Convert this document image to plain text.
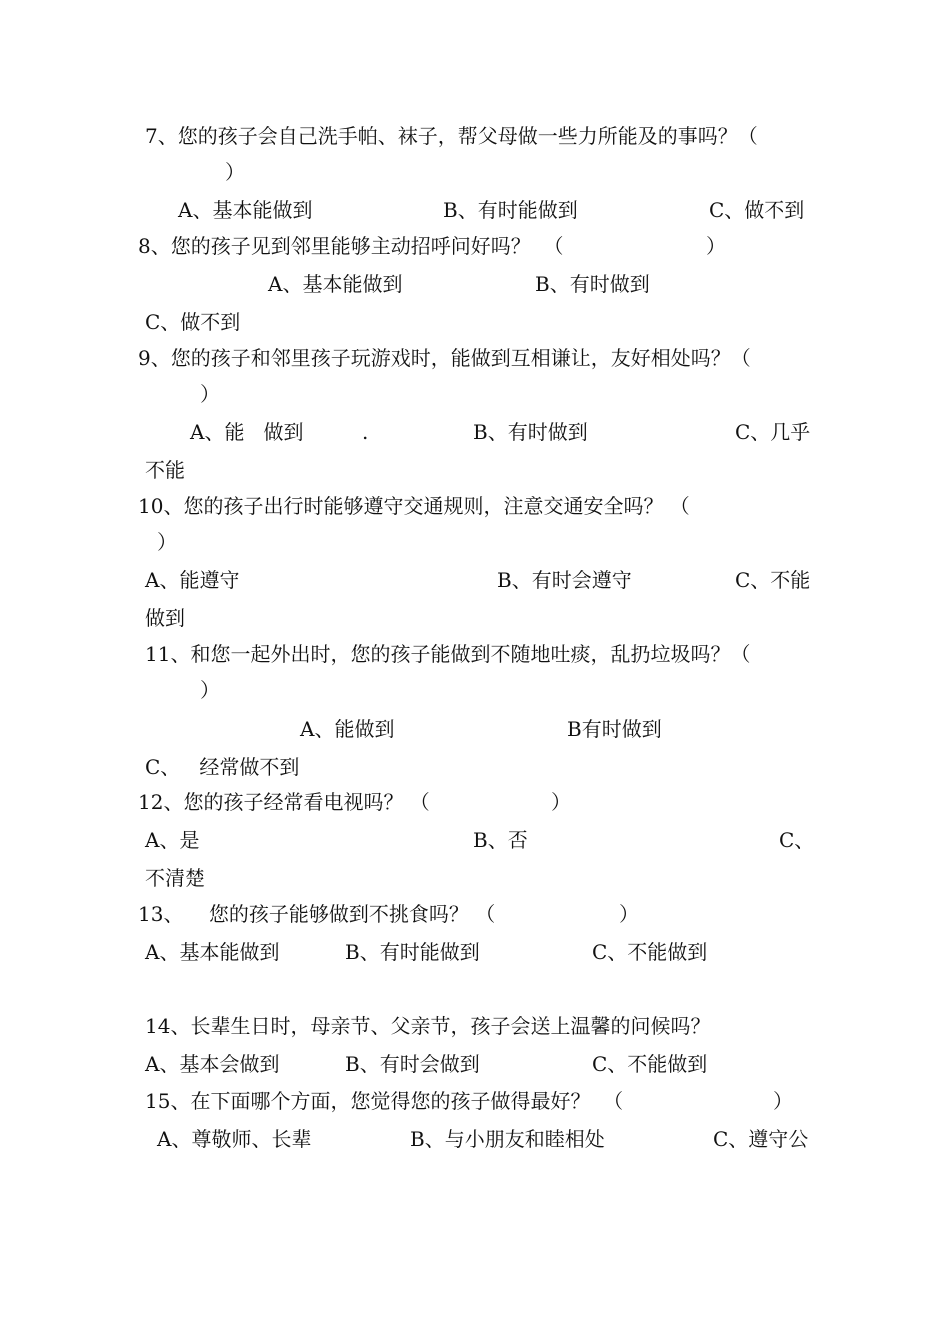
7、您的孩子会自己洗手帕、袜子，帮父母做一些力所能及的事吗？（
）
A、基本能做到	B、有时能做到	C、做不到
8、您的孩子见到邻里能够主动招呼问好吗？  （	）
A、基本能做到	B、有时做到
C、做不到
9、您的孩子和邻里孩子玩游戏时，能做到互相谦让，友好相处吗？（
）
A、能   做到	.	B、有时做到	C、几乎
不能
10、您的孩子出行时能够遵守交通规则，注意交通安全吗？ （
）
A、能遵守	B、有时会遵守	C、不能
做到
11、和您一起外出时，您的孩子能做到不随地吐痰，乱扔垃圾吗？（
）
A、能做到	B有时做到
C、   经常做不到
12、您的孩子经常看电视吗？ （	）
A、是	B、否	C、
不清楚
13、    您的孩子能够做到不挑食吗？ （	）
A、基本能做到	B、有时能做到	C、不能做到
14、长辈生日时，母亲节、父亲节，孩子会送上温馨的问候吗？
A、基本会做到	B、有时会做到	C、不能做到
15、在下面哪个方面，您觉得您的孩子做得最好？  （	）
A、尊敬师、长辈	B、与小朋友和睦相处	C、遵守公
